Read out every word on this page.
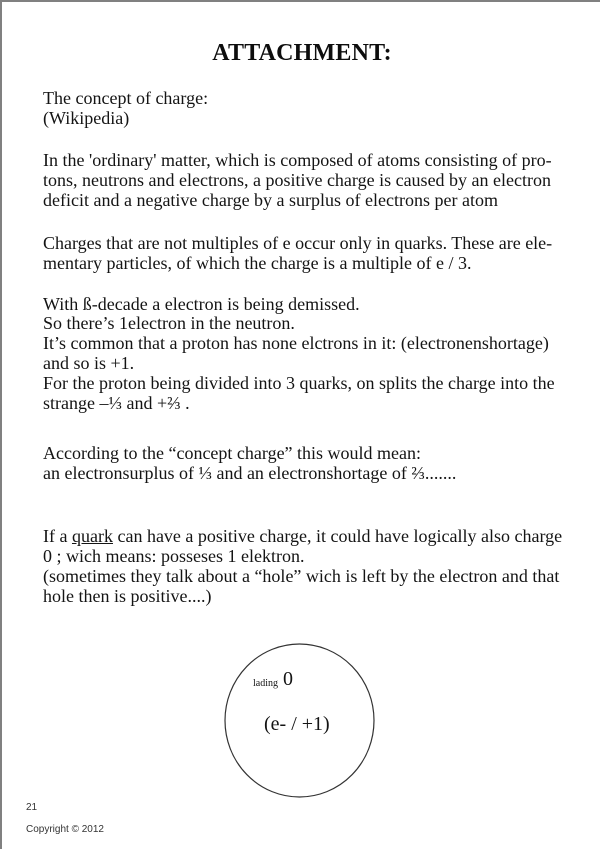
ATTACHMENT:
The concept of charge:
(Wikipedia)
In the 'ordinary' matter, which is composed of atoms consisting of pro-
tons, neutrons and electrons, a positive charge is caused by an electron
deficit and a negative charge by a surplus of electrons per atom
Charges that are not multiples of e occur only in quarks. These are ele-
mentary particles, of which the charge is a multiple of e / 3.
With ß-decade a electron is being demissed.
So there’s 1electron in the neutron.
It’s common that a proton has none elctrons in it: (electronenshortage)
and so is +1.
For the proton being divided into 3 quarks, on splits the charge into the
strange –⅓ and +⅔ .
According to the “concept charge” this would mean:
an electronsurplus of ⅓ and an electronshortage of ⅔.......
If a quark can have a positive charge, it could have logically also charge
0 ; wich means: posseses 1 elektron.
(sometimes they talk about a “hole” wich is left by the electron and that
hole then is positive....)
lading 0
(e- / +1)
21
Copyright © 2012
